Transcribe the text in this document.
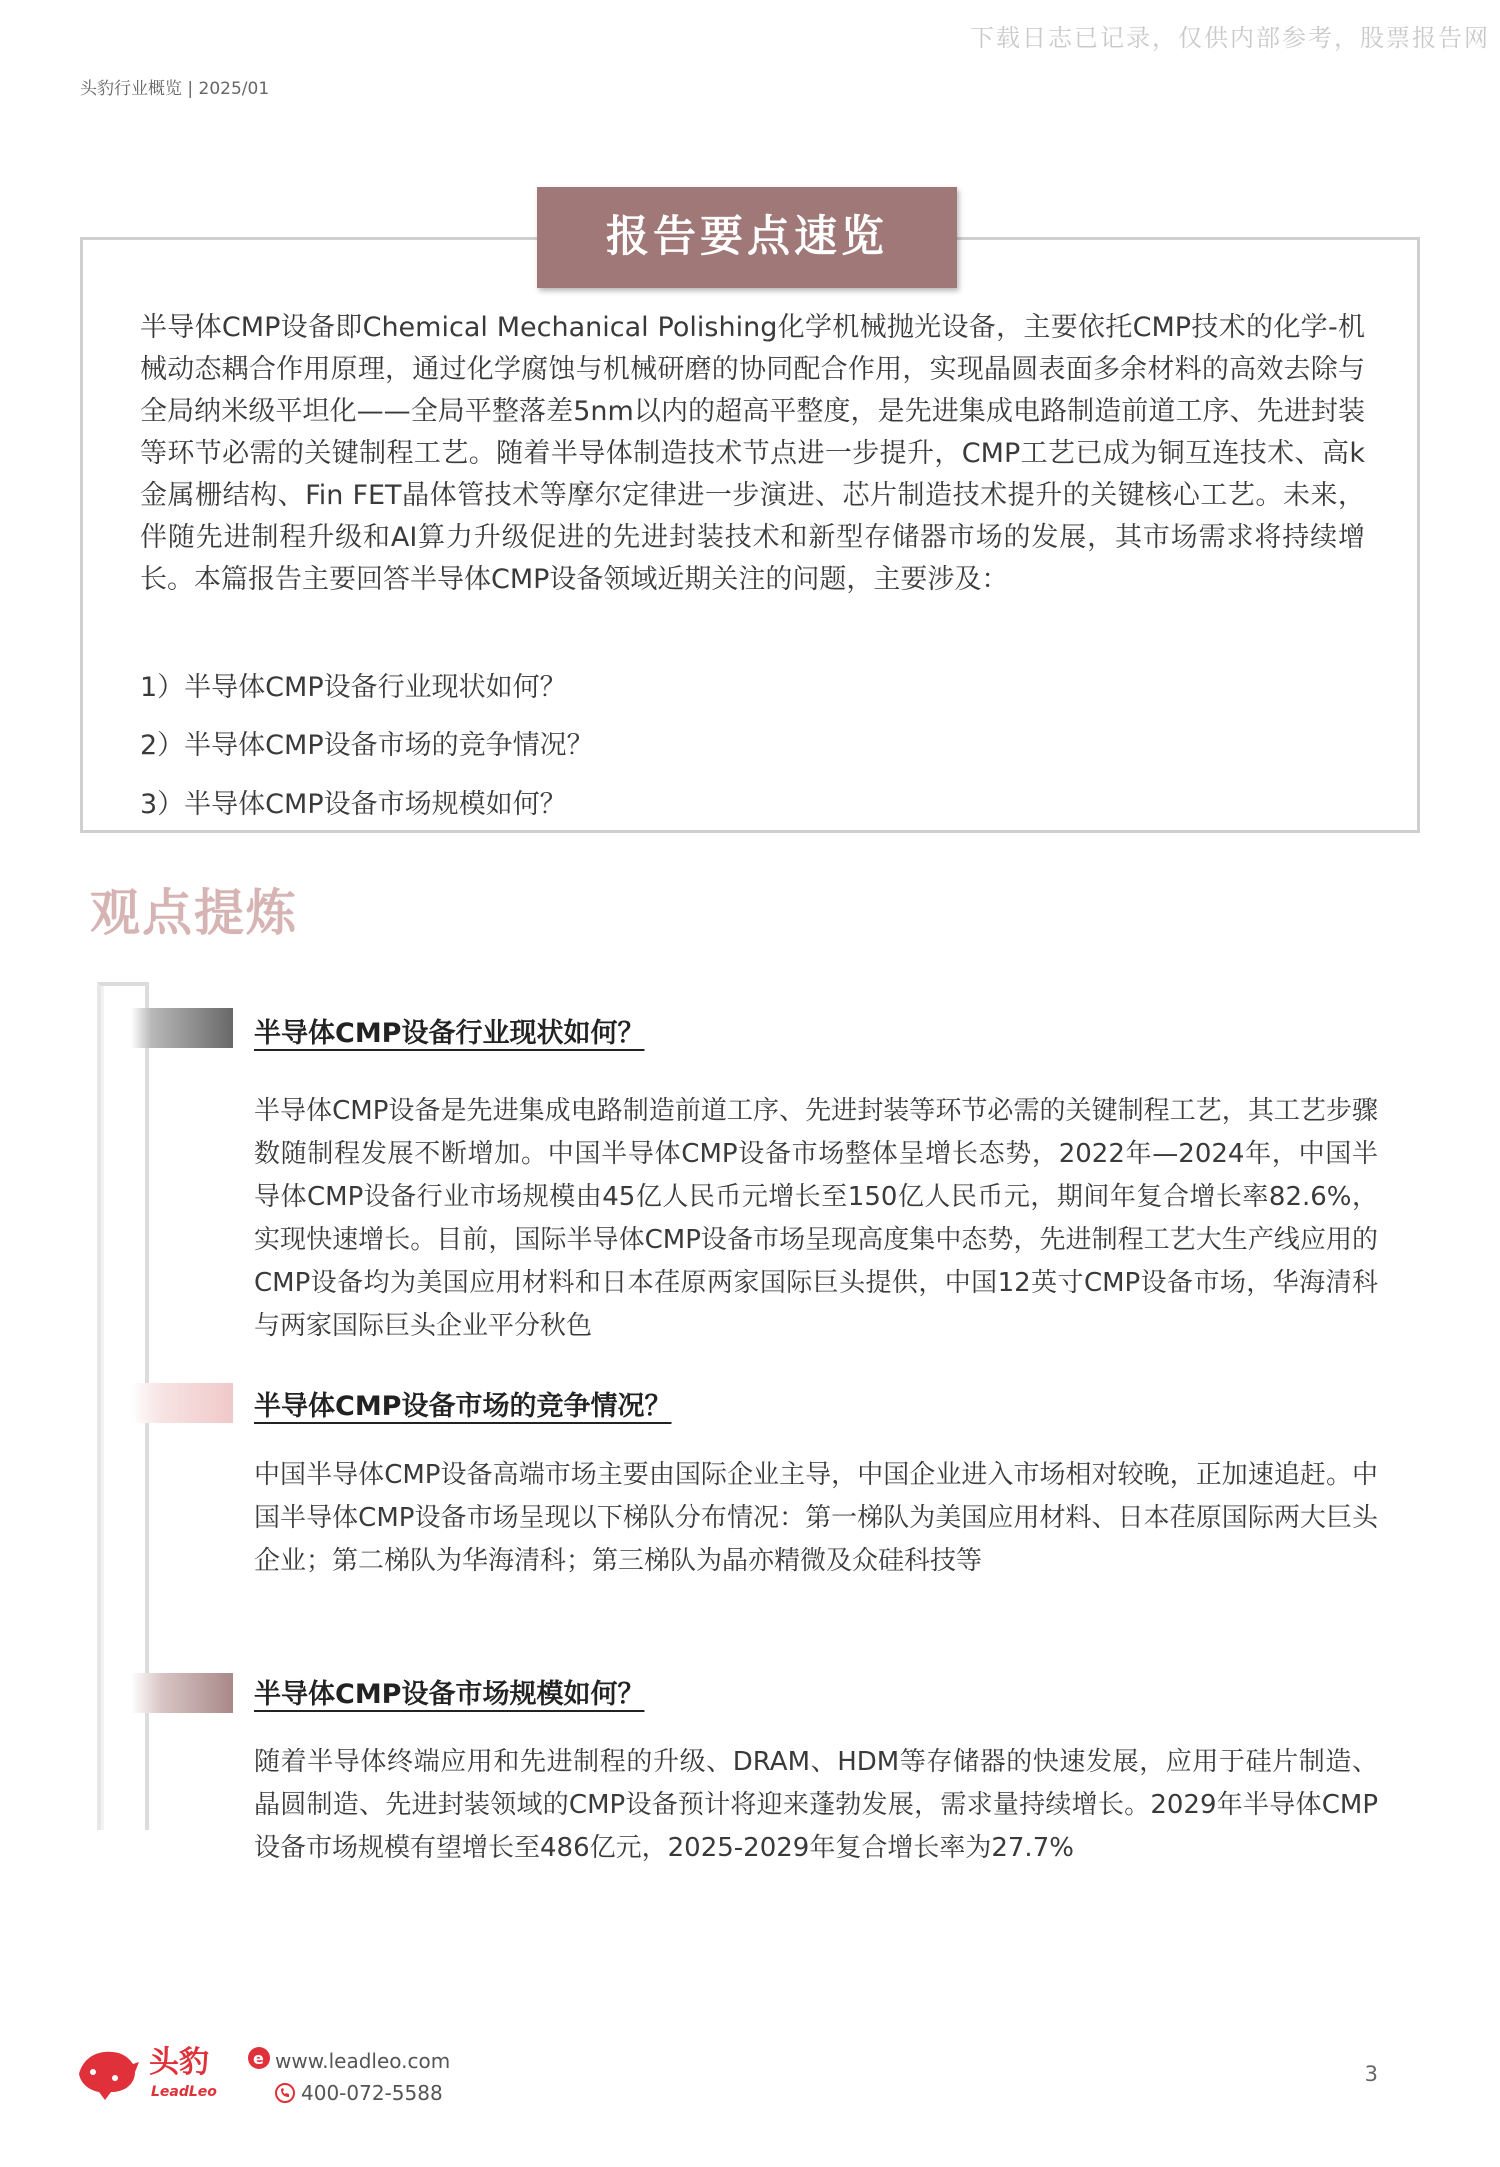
下载日志已记录，仅供内部参考，股票报告网
头豹行业概览 | 2025/01
报告要点速览
半导体CMP设备即Chemical Mechanical Polishing化学机械抛光设备，主要依托CMP技术的化学-机械动态耦合作用原理，通过化学腐蚀与机械研磨的协同配合作用，实现晶圆表面多余材料的高效去除与全局纳米级平坦化——全局平整落差5nm以内的超高平整度，是先进集成电路制造前道工序、先进封装等环节必需的关键制程工艺。随着半导体制造技术节点进一步提升，CMP工艺已成为铜互连技术、高k金属栅结构、Fin FET晶体管技术等摩尔定律进一步演进、芯片制造技术提升的关键核心工艺。未来，伴随先进制程升级和AI算力升级促进的先进封装技术和新型存储器市场的发展，其市场需求将持续增长。本篇报告主要回答半导体CMP设备领域近期关注的问题，主要涉及：
1）半导体CMP设备行业现状如何？
2）半导体CMP设备市场的竞争情况？
3）半导体CMP设备市场规模如何？
观点提炼
半导体CMP设备行业现状如何？
半导体CMP设备是先进集成电路制造前道工序、先进封装等环节必需的关键制程工艺，其工艺步骤数随制程发展不断增加。中国半导体CMP设备市场整体呈增长态势，2022年—2024年，中国半导体CMP设备行业市场规模由45亿人民币元增长至150亿人民币元，期间年复合增长率82.6%，实现快速增长。目前，国际半导体CMP设备市场呈现高度集中态势，先进制程工艺大生产线应用的CMP设备均为美国应用材料和日本荏原两家国际巨头提供，中国12英寸CMP设备市场，华海清科与两家国际巨头企业平分秋色
半导体CMP设备市场的竞争情况？
中国半导体CMP设备高端市场主要由国际企业主导，中国企业进入市场相对较晚，正加速追赶。中国半导体CMP设备市场呈现以下梯队分布情况：第一梯队为美国应用材料、日本荏原国际两大巨头企业；第二梯队为华海清科；第三梯队为晶亦精微及众硅科技等
半导体CMP设备市场规模如何？
随着半导体终端应用和先进制程的升级、DRAM、HDM等存储器的快速发展，应用于硅片制造、晶圆制造、先进封装领域的CMP设备预计将迎来蓬勃发展，需求量持续增长。2029年半导体CMP设备市场规模有望增长至486亿元，2025-2029年复合增长率为27.7%
头豹
LeadLeo
e www.leadleo.com
400-072-5588
3
